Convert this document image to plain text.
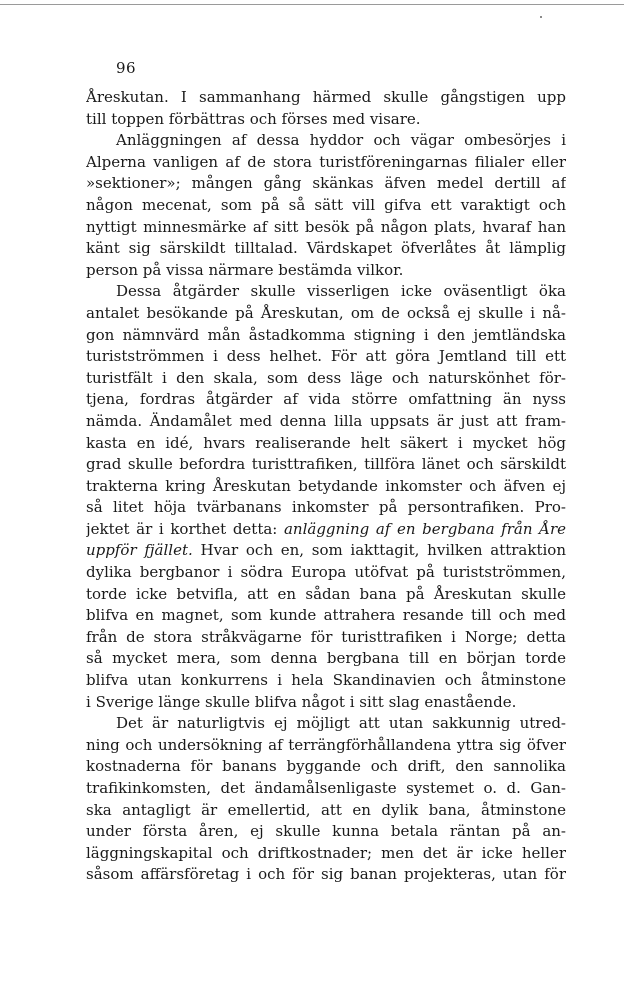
96
Åreskutan. I sammanhang härmed skulle gångstigen upp
till toppen förbättras och förses med visare.
Anläggningen af dessa hyddor och vägar ombesörjes i
Alperna vanligen af de stora turistföreningarnas filialer eller
»sektioner»; mången gång skänkas äfven medel dertill af
någon mecenat, som på så sätt vill gifva ett varaktigt och
nyttigt minnesmärke af sitt besök på någon plats, hvaraf han
känt sig särskildt tilltalad. Värdskapet öfverlåtes åt lämplig
person på vissa närmare bestämda vilkor.
Dessa åtgärder skulle visserligen icke oväsentligt öka
antalet besökande på Åreskutan, om de också ej skulle i nå-
gon nämnvärd mån åstadkomma stigning i den jemtländska
turistströmmen i dess helhet. För att göra Jemtland till ett
turistfält i den skala, som dess läge och naturskönhet för-
tjena, fordras åtgärder af vida större omfattning än nyss
nämda. Ändamålet med denna lilla uppsats är just att fram-
kasta en idé, hvars realiserande helt säkert i mycket hög
grad skulle befordra turisttrafiken, tillföra länet och särskildt
trakterna kring Åreskutan betydande inkomster och äfven ej
så litet höja tvärbanans inkomster på persontrafiken. Pro-
jektet är i korthet detta: anläggning af en bergbana från Åre
uppför fjället. Hvar och en, som iakttagit, hvilken attraktion
dylika bergbanor i södra Europa utöfvat på turistströmmen,
torde icke betvifla, att en sådan bana på Åreskutan skulle
blifva en magnet, som kunde attrahera resande till och med
från de stora stråkvägarne för turisttrafiken i Norge; detta
så mycket mera, som denna bergbana till en början torde
blifva utan konkurrens i hela Skandinavien och åtminstone
i Sverige länge skulle blifva något i sitt slag enastående.
Det är naturligtvis ej möjligt att utan sakkunnig utred-
ning och undersökning af terrängförhållandena yttra sig öfver
kostnaderna för banans byggande och drift, den sannolika
trafikinkomsten, det ändamålsenligaste systemet o. d. Gan-
ska antagligt är emellertid, att en dylik bana, åtminstone
under första åren, ej skulle kunna betala räntan på an-
läggningskapital och driftkostnader; men det är icke heller
såsom affärsföretag i och för sig banan projekteras, utan för
